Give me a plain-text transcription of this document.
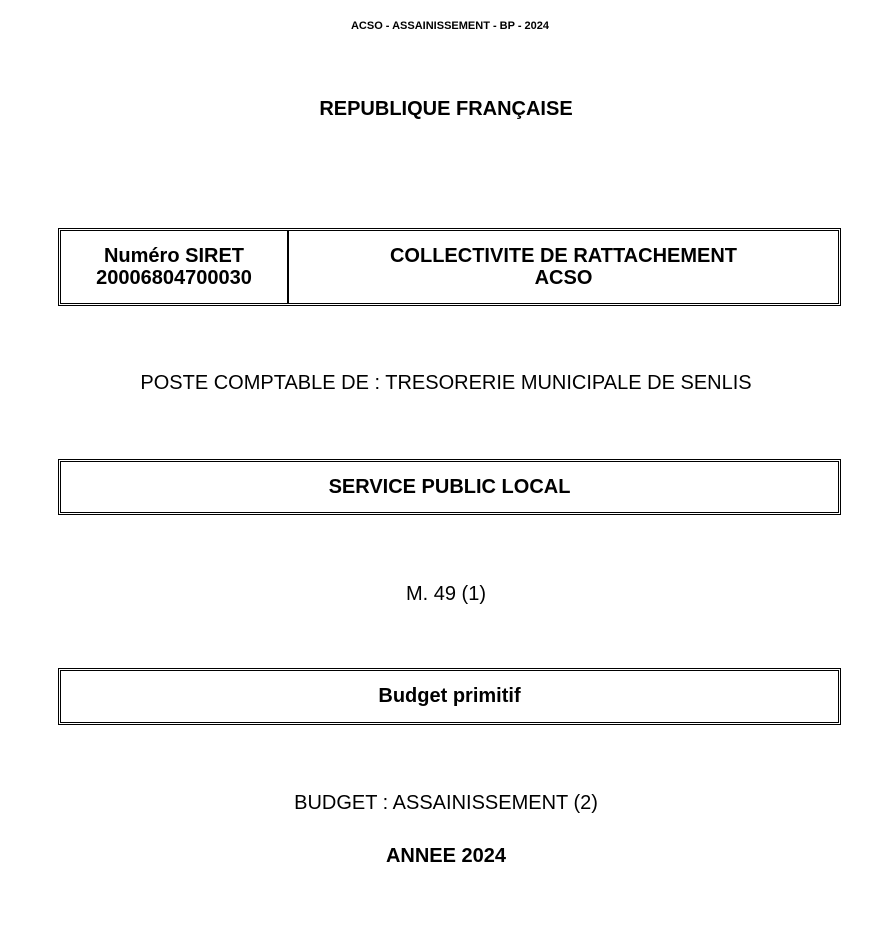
ACSO - ASSAINISSEMENT - BP - 2024
REPUBLIQUE FRANÇAISE
Numéro SIRET
20006804700030
COLLECTIVITE DE RATTACHEMENT
ACSO
POSTE COMPTABLE DE : TRESORERIE MUNICIPALE DE SENLIS
SERVICE PUBLIC LOCAL
M. 49 (1)
Budget primitif
BUDGET : ASSAINISSEMENT (2)
ANNEE 2024
